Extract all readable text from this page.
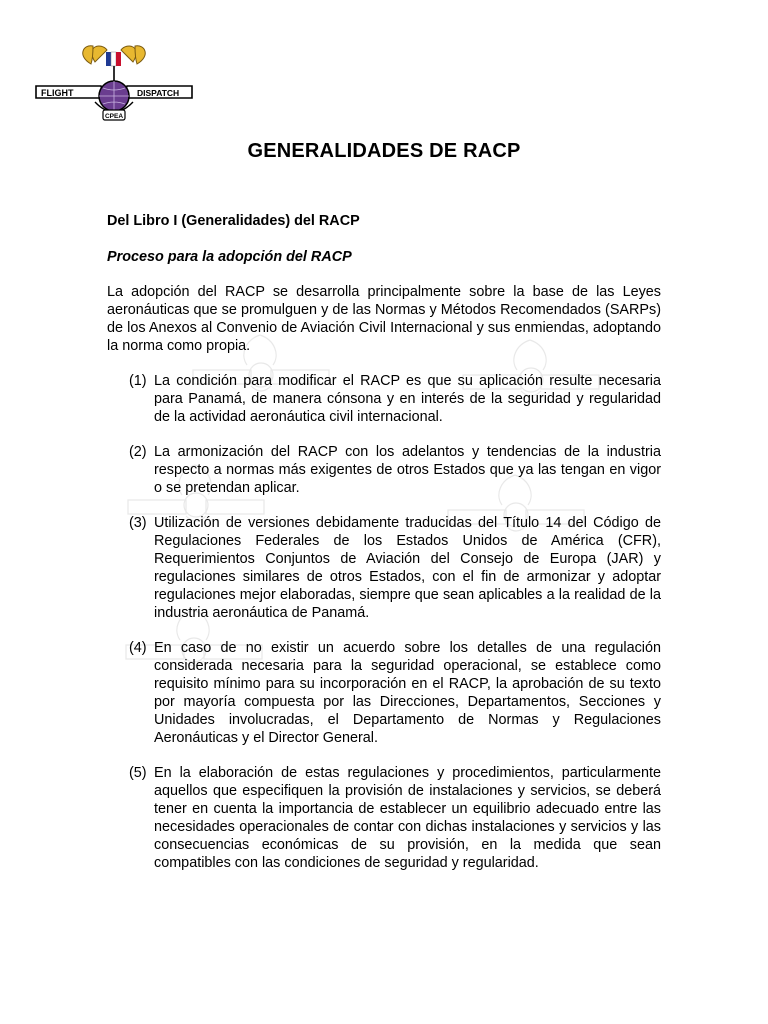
FLIGHT	DISPATCH
CPEA
GENERALIDADES DE RACP
Del Libro I (Generalidades) del RACP
Proceso para la adopción del RACP
La adopción del RACP se desarrolla principalmente sobre la base de las Leyes aeronáuticas que se promulguen y de las Normas y Métodos Recomendados (SARPs) de los Anexos al Convenio de Aviación Civil Internacional y sus enmiendas, adoptando la norma como propia.
(1) La condición para modificar el RACP es que su aplicación resulte necesaria para Panamá, de manera cónsona y en interés de la seguridad y regularidad de la actividad aeronáutica civil internacional.
(2) La armonización del RACP con los adelantos y tendencias de la industria respecto a normas más exigentes de otros Estados que ya las tengan en vigor o se pretendan aplicar.
(3) Utilización de versiones debidamente traducidas del Título 14 del Código de Regulaciones Federales de los Estados Unidos de América (CFR), Requerimientos Conjuntos de Aviación del Consejo de Europa (JAR) y regulaciones similares de otros Estados, con el fin de armonizar y adoptar regulaciones mejor elaboradas, siempre que sean aplicables a la realidad de la industria aeronáutica de Panamá.
(4) En caso de no existir un acuerdo sobre los detalles de una regulación considerada necesaria para la seguridad operacional, se establece como requisito mínimo para su incorporación en el RACP, la aprobación de su texto por mayoría compuesta por las Direcciones, Departamentos, Secciones y Unidades involucradas, el Departamento de Normas y Regulaciones Aeronáuticas y el Director General.
(5) En la elaboración de estas regulaciones y procedimientos, particularmente aquellos que especifiquen la provisión de instalaciones y servicios, se deberá tener en cuenta la importancia de establecer un equilibrio adecuado entre las necesidades operacionales de contar con dichas instalaciones y servicios y las consecuencias económicas de su provisión, en la medida que sean compatibles con las condiciones de seguridad y regularidad.
